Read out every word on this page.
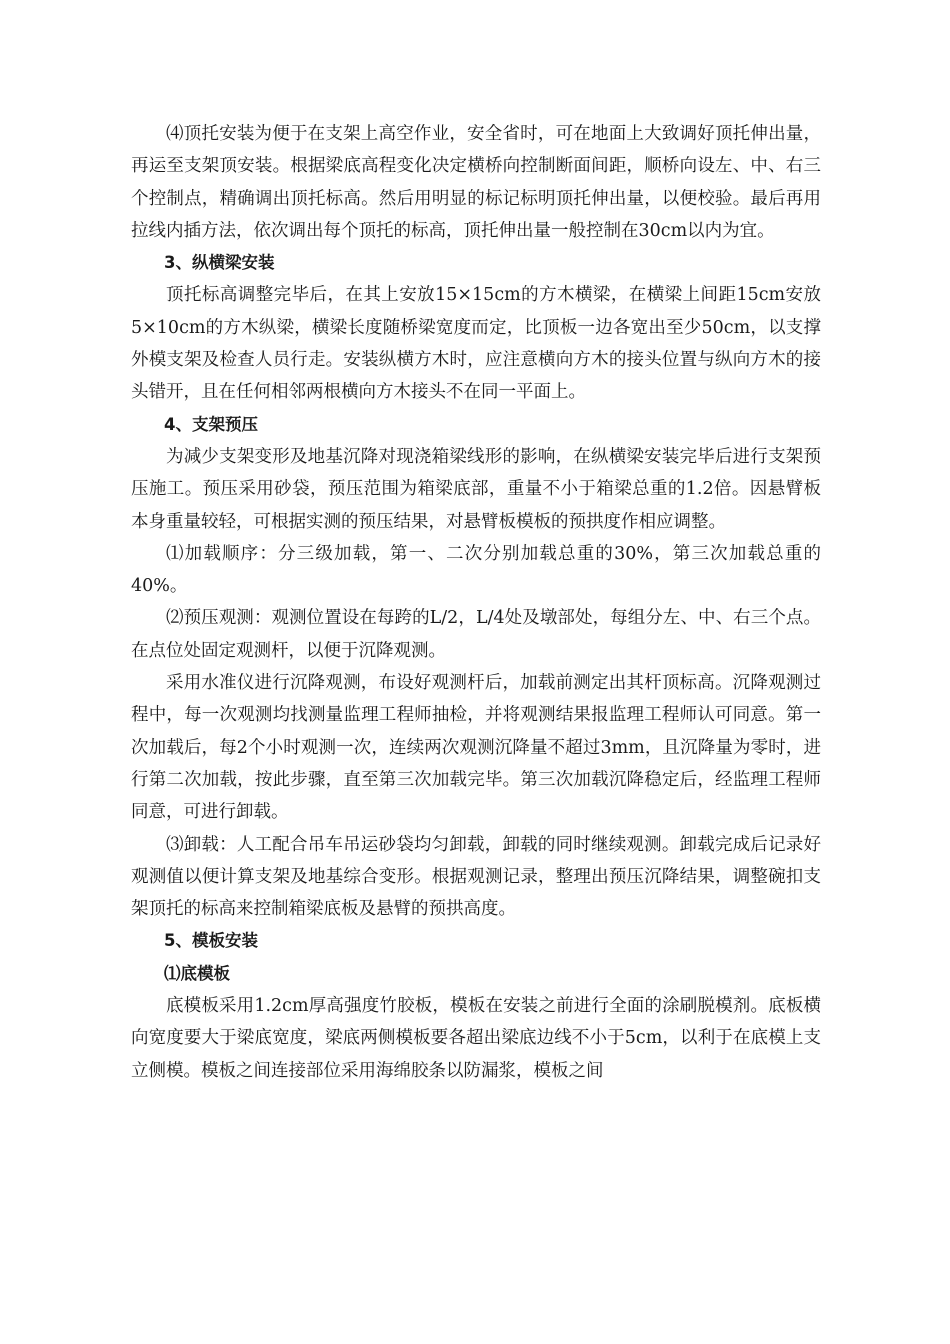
⑷顶托安装为便于在支架上高空作业，安全省时，可在地面上大致调好顶托伸出量，再运至支架顶安装。根据梁底高程变化决定横桥向控制断面间距，顺桥向设左、中、右三个控制点，精确调出顶托标高。然后用明显的标记标明顶托伸出量，以便校验。最后再用拉线内插方法，依次调出每个顶托的标高，顶托伸出量一般控制在30cm以内为宜。

3、纵横梁安装

顶托标高调整完毕后，在其上安放15×15cm的方木横梁，在横梁上间距15cm安放5×10cm的方木纵梁，横梁长度随桥梁宽度而定，比顶板一边各宽出至少50cm，以支撑外模支架及检查人员行走。安装纵横方木时，应注意横向方木的接头位置与纵向方木的接头错开，且在任何相邻两根横向方木接头不在同一平面上。

4、支架预压

为减少支架变形及地基沉降对现浇箱梁线形的影响，在纵横梁安装完毕后进行支架预压施工。预压采用砂袋，预压范围为箱梁底部，重量不小于箱梁总重的1.2倍。因悬臂板本身重量较轻，可根据实测的预压结果，对悬臂板模板的预拱度作相应调整。

⑴加载顺序：分三级加载，第一、二次分别加载总重的30%，第三次加载总重的40%。

⑵预压观测：观测位置设在每跨的L/2，L/4处及墩部处，每组分左、中、右三个点。在点位处固定观测杆，以便于沉降观测。

采用水准仪进行沉降观测，布设好观测杆后，加载前测定出其杆顶标高。沉降观测过程中，每一次观测均找测量监理工程师抽检，并将观测结果报监理工程师认可同意。第一次加载后，每2个小时观测一次，连续两次观测沉降量不超过3mm，且沉降量为零时，进行第二次加载，按此步骤，直至第三次加载完毕。第三次加载沉降稳定后，经监理工程师同意，可进行卸载。

⑶卸载：人工配合吊车吊运砂袋均匀卸载，卸载的同时继续观测。卸载完成后记录好观测值以便计算支架及地基综合变形。根据观测记录，整理出预压沉降结果，调整碗扣支架顶托的标高来控制箱梁底板及悬臂的预拱高度。

5、模板安装

⑴底模板

底模板采用1.2cm厚高强度竹胶板，模板在安装之前进行全面的涂刷脱模剂。底板横向宽度要大于梁底宽度，梁底两侧模板要各超出梁底边线不小于5cm，以利于在底模上支立侧模。模板之间连接部位采用海绵胶条以防漏浆，模板之间
